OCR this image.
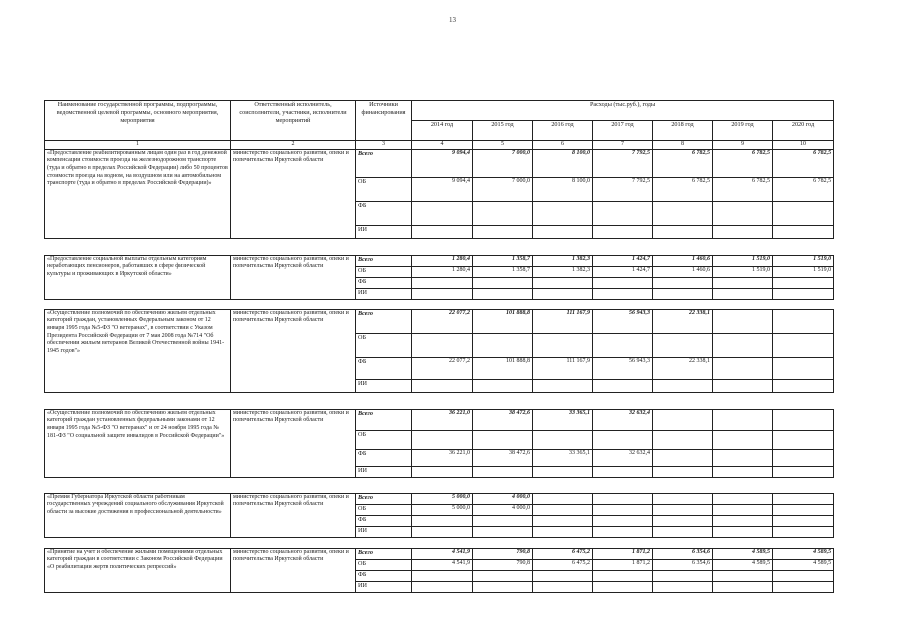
13
Наименование государственной программы, подпрограммы, ведомственной целевой программы, основного мероприятия, мероприятия	Ответственный исполнитель, соисполнители, участники, исполнители мероприятий	Источники финансирования	Расходы (тыс.руб.), годы						
			2014 год	2015 год	2016 год	2017 год	2018 год	2019 год	2020 год
1	2	3	4	5	6	7	8	9	10
«Предоставление реабилитированным лицам один раз в год денежной компенсации стоимости проезда на железнодорожном транспорте (туда и обратно в пределах Российской Федерации) либо 50 процентов стоимости проезда на водном, на воздушном или на автомобильном транспорте (туда и обратно в пределах Российской Федерации)»	министерство социального развития, опеки и попечительства Иркутской области	Всего	9 094,4	7 000,0	8 100,0	7 792,5	6 782,5	6 782,5	6 782,5
		ОБ	9 094,4	7 000,0	8 100,0	7 792,5	6 782,5	6 782,5	6 782,5
		ФБ							
		ИИ							

«Предоставление социальной выплаты отдельным категориям неработающих пенсионеров, работавших в сфере физической культуры и проживающих в Иркутской области»	министерство социального развития, опеки и попечительства Иркутской области	Всего	1 280,4	1 358,7	1 382,3	1 424,7	1 460,6	1 519,0	1 519,0
		ОБ	1 280,4	1 358,7	1 382,3	1 424,7	1 460,6	1 519,0	1 519,0
		ФБ							
		ИИ							

«Осуществление полномочий по обеспечению жильем отдельных категорий граждан, установленных Федеральным законом от 12 января 1995 года №5-ФЗ "О ветеранах", в соответствии с Указом Президента Российской Федерации от 7 мая 2008 года №714 "Об обеспечении жильем ветеранов Великой Отечественной войны 1941-1945 годов"»	министерство социального развития, опеки и попечительства Иркутской области	Всего	22 077,2	101 888,8	111 167,9	56 943,3	22 338,1		
		ОБ							
		ФБ	22 077,2	101 888,8	111 167,9	56 943,3	22 338,1		
		ИИ							

«Осуществление полномочий по обеспечению жильем отдельных категорий граждан установленных федеральными законами от 12 января 1995 года №5-ФЗ "О ветеранах" и от 24 ноября 1995 года № 181-ФЗ "О социальной защите инвалидов в Российской Федерации"»	министерство социального развития, опеки и попечительства Иркутской области	Всего	36 221,0	38 472,6	33 365,1	32 632,4			
		ОБ							
		ФБ	36 221,0	38 472,6	33 365,1	32 632,4			
		ИИ							

«Премия Губернатора Иркутской области работникам государственных учреждений социального обслуживания Иркутской области за высокие достижения в профессиональной деятельности»	министерство социального развития, опеки и попечительства Иркутской области	Всего	5 000,0	4 000,0					
		ОБ	5 000,0	4 000,0					
		ФБ							
		ИИ							

«Принятие на учет и обеспечение жилыми помещениями отдельных категорий граждан в соответствии с Законом Российской Федерации «О реабилитации жертв политических репрессий»	министерство социального развития, опеки и попечительства Иркутской области	Всего	4 541,9	790,8	6 475,2	1 871,2	6 354,6	4 589,5	4 589,5
		ОБ	4 541,9	790,8	6 475,2	1 871,2	6 354,6	4 589,5	4 589,5
		ФБ							
		ИИ							
